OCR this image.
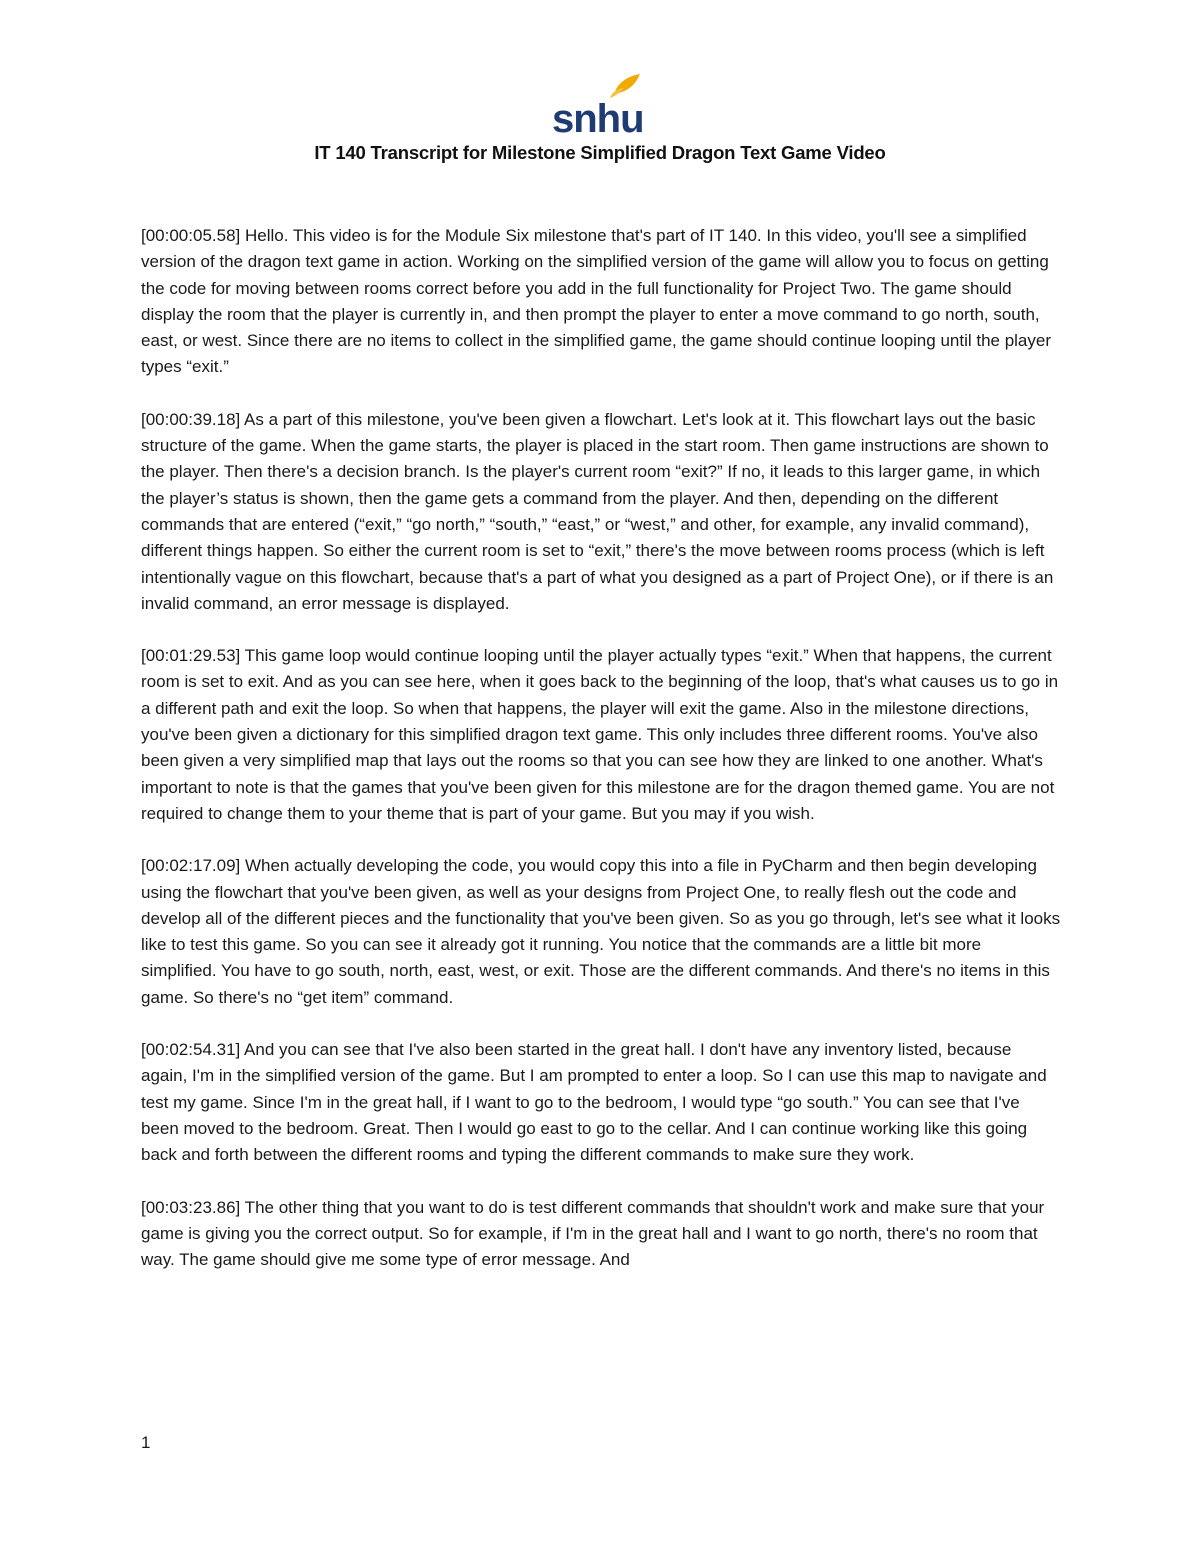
snhu
IT 140 Transcript for Milestone Simplified Dragon Text Game Video

[00:00:05.58] Hello. This video is for the Module Six milestone that's part of IT 140. In this video, you'll see a simplified version of the dragon text game in action. Working on the simplified version of the game will allow you to focus on getting the code for moving between rooms correct before you add in the full functionality for Project Two. The game should display the room that the player is currently in, and then prompt the player to enter a move command to go north, south, east, or west. Since there are no items to collect in the simplified game, the game should continue looping until the player types “exit.”

[00:00:39.18] As a part of this milestone, you've been given a flowchart. Let's look at it. This flowchart lays out the basic structure of the game. When the game starts, the player is placed in the start room. Then game instructions are shown to the player. Then there's a decision branch. Is the player's current room “exit?” If no, it leads to this larger game, in which the player’s status is shown, then the game gets a command from the player. And then, depending on the different commands that are entered (“exit,” “go north,” “south,” “east,” or “west,” and other, for example, any invalid command), different things happen. So either the current room is set to “exit,” there's the move between rooms process (which is left intentionally vague on this flowchart, because that's a part of what you designed as a part of Project One), or if there is an invalid command, an error message is displayed.

[00:01:29.53] This game loop would continue looping until the player actually types “exit.” When that happens, the current room is set to exit. And as you can see here, when it goes back to the beginning of the loop, that's what causes us to go in a different path and exit the loop. So when that happens, the player will exit the game. Also in the milestone directions, you've been given a dictionary for this simplified dragon text game. This only includes three different rooms. You've also been given a very simplified map that lays out the rooms so that you can see how they are linked to one another. What's important to note is that the games that you've been given for this milestone are for the dragon themed game. You are not required to change them to your theme that is part of your game. But you may if you wish.

[00:02:17.09] When actually developing the code, you would copy this into a file in PyCharm and then begin developing using the flowchart that you've been given, as well as your designs from Project One, to really flesh out the code and develop all of the different pieces and the functionality that you've been given. So as you go through, let's see what it looks like to test this game. So you can see it already got it running. You notice that the commands are a little bit more simplified. You have to go south, north, east, west, or exit. Those are the different commands. And there's no items in this game. So there's no “get item” command.

[00:02:54.31] And you can see that I've also been started in the great hall. I don't have any inventory listed, because again, I'm in the simplified version of the game. But I am prompted to enter a loop. So I can use this map to navigate and test my game. Since I'm in the great hall, if I want to go to the bedroom, I would type “go south.” You can see that I've been moved to the bedroom. Great. Then I would go east to go to the cellar. And I can continue working like this going back and forth between the different rooms and typing the different commands to make sure they work.

[00:03:23.86] The other thing that you want to do is test different commands that shouldn't work and make sure that your game is giving you the correct output. So for example, if I'm in the great hall and I want to go north, there's no room that way. The game should give me some type of error message. And

1
